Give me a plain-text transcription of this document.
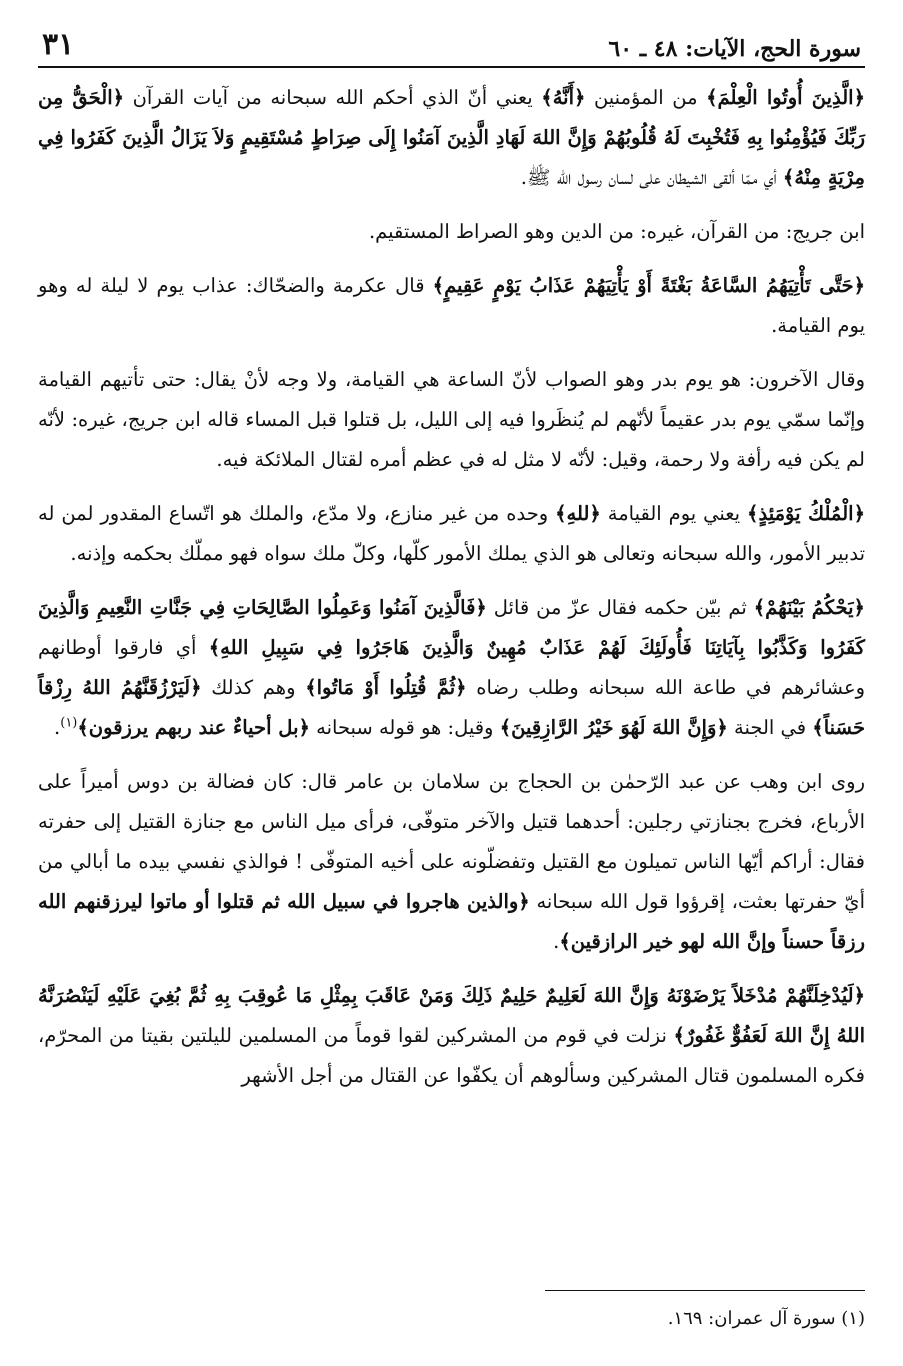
سورة الحج، الآيات: ٤٨ ـ ٦٠
٣١

﴿الَّذِينَ أُوتُوا الْعِلْمَ﴾ من المؤمنين ﴿أَنَّهُ﴾ يعني أنّ الذي أحكم الله سبحانه من آيات القرآن ﴿الْحَقُّ مِن رَبِّكَ فَيُؤْمِنُوا بِهِ فَتُخْبِتَ لَهُ قُلُوبُهُمْ وَإِنَّ اللهَ لَهَادِ الَّذِينَ آمَنُوا إِلَى صِرَاطٍ مُسْتَقِيمٍ وَلاَ يَزَالُ الَّذِينَ كَفَرُوا فِي مِرْيَةٍ مِنْهُ﴾ أي ممّا ألقى الشيطان على لسان رسول الله ﷺ.

ابن جريج: من القرآن، غيره: من الدين وهو الصراط المستقيم.

﴿حَتَّى تَأْتِيَهُمُ السَّاعَةُ بَغْتَةً أَوْ يَأْتِيَهُمْ عَذَابُ يَوْمٍ عَقِيمٍ﴾ قال عكرمة والضحّاك: عذاب يوم لا ليلة له وهو يوم القيامة.

وقال الآخرون: هو يوم بدر وهو الصواب لأنّ الساعة هي القيامة، ولا وجه لأنْ يقال: حتى تأتيهم القيامة وإنّما سمّي يوم بدر عقيماً لأنّهم لم يُنظَروا فيه إلى الليل، بل قتلوا قبل المساء قاله ابن جريج، غيره: لأنّه لم يكن فيه رأفة ولا رحمة، وقيل: لأنّه لا مثل له في عظم أمره لقتال الملائكة فيه.

﴿الْمُلْكُ يَوْمَئِذٍ﴾ يعني يوم القيامة ﴿للهِ﴾ وحده من غير منازع، ولا مدّع، والملك هو اتّساع المقدور لمن له تدبير الأمور، والله سبحانه وتعالى هو الذي يملك الأمور كلّها، وكلّ ملك سواه فهو مملّك بحكمه وإذنه.

﴿يَحْكُمُ بَيْنَهُمْ﴾ ثم بيّن حكمه فقال عزّ من قائل ﴿فَالَّذِينَ آمَنُوا وَعَمِلُوا الصَّالِحَاتِ فِي جَنَّاتِ النَّعِيمِ وَالَّذِينَ كَفَرُوا وَكَذَّبُوا بِآيَاتِنَا فَأُولَئِكَ لَهُمْ عَذَابٌ مُهِينٌ وَالَّذِينَ هَاجَرُوا فِي سَبِيلِ اللهِ﴾ أي فارقوا أوطانهم وعشائرهم في طاعة الله سبحانه وطلب رضاه ﴿ثُمَّ قُتِلُوا أَوْ مَاتُوا﴾ وهم كذلك ﴿لَيَرْزُقَنَّهُمُ اللهُ رِزْقاً حَسَناً﴾ في الجنة ﴿وَإِنَّ اللهَ لَهُوَ خَيْرُ الرَّازِقِينَ﴾ وقيل: هو قوله سبحانه ﴿بل أحياءٌ عند ربهم يرزقون﴾$^{(١)}$.

روى ابن وهب عن عبد الرّحمٰن بن الحجاج بن سلامان بن عامر قال: كان فضالة بن دوس أميراً على الأرباع، فخرج بجنازتي رجلين: أحدهما قتيل والآخر متوفّى، فرأى ميل الناس مع جنازة القتيل إلى حفرته فقال: أراكم أيّها الناس تميلون مع القتيل وتفضلّونه على أخيه المتوفّى ! فوالذي نفسي بيده ما أبالي من أيّ حفرتها بعثت، إقرؤوا قول الله سبحانه ﴿والذين هاجروا في سبيل الله ثم قتلوا أو ماتوا ليرزقنهم الله رزقاً حسناً وإنَّ الله لهو خير الرازقين﴾.

﴿لَيُدْخِلَنَّهُمْ مُدْخَلاً يَرْضَوْنَهُ وَإِنَّ اللهَ لَعَلِيمٌ حَلِيمٌ ذَلِكَ وَمَنْ عَاقَبَ بِمِثْلِ مَا عُوقِبَ بِهِ ثُمَّ بُغِيَ عَلَيْهِ لَيَنْصُرَنَّهُ اللهُ إِنَّ اللهَ لَعَفُوٌّ غَفُورٌ﴾ نزلت في قوم من المشركين لقوا قوماً من المسلمين لليلتين بقيتا من المحرّم، فكره المسلمون قتال المشركين وسألوهم أن يكفّوا عن القتال من أجل الأشهر

(١) سورة آل عمران: ١٦٩.
